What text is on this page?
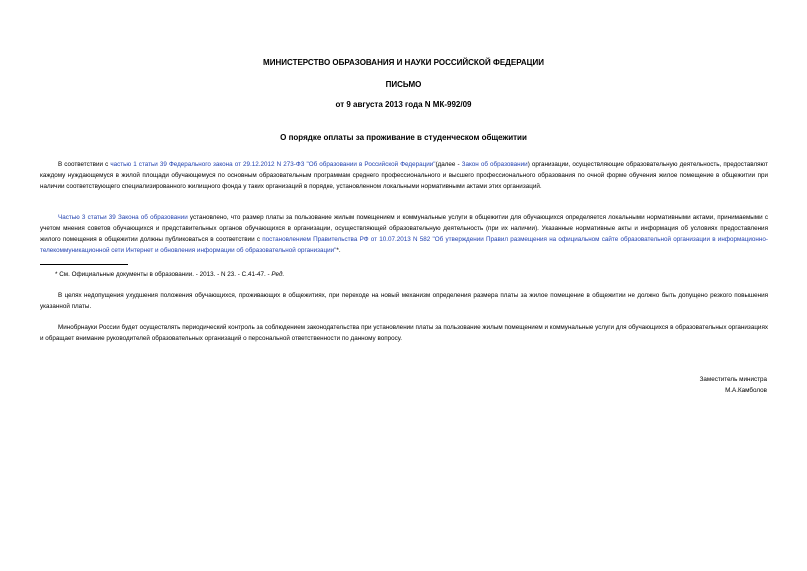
МИНИСТЕРСТВО ОБРАЗОВАНИЯ И НАУКИ РОССИЙСКОЙ ФЕДЕРАЦИИ
ПИСЬМО
от 9 августа 2013 года N МК-992/09
О порядке оплаты за проживание в студенческом общежитии
В соответствии с частью 1 статьи 39 Федерального закона от 29.12.2012 N 273-ФЗ "Об образовании в Российской Федерации"(далее - Закон об образовании) организации, осуществляющие образовательную деятельность, предоставляют каждому нуждающемуся в жилой площади обучающемуся по основным образовательным программам среднего профессионального и высшего профессионального образования по очной форме обучения жилое помещение в общежитии при наличии соответствующего специализированного жилищного фонда у таких организаций в порядке, установленном локальными нормативными актами этих организаций.
Частью 3 статьи 39 Закона об образовании установлено, что размер платы за пользование жилым помещением и коммунальные услуги в общежитии для обучающихся определяется локальными нормативными актами, принимаемыми с учетом мнения советов обучающихся и представительных органов обучающихся в организации, осуществляющей образовательную деятельность (при их наличии). Указанные нормативные акты и информация об условиях предоставления жилого помещения в общежитии должны публиковаться в соответствии с постановлением Правительства РФ от 10.07.2013 N 582 "Об утверждении Правил размещения на официальном сайте образовательной организации в информационно-телекоммуникационной сети Интернет и обновления информации об образовательной организации"*.
* См. Официальные документы в образовании. - 2013. - N 23. - С.41-47. - Ред.
В целях недопущения ухудшения положения обучающихся, проживающих в общежитиях, при переходе на новый механизм определения размера платы за жилое помещение в общежитии не должно быть допущено резкого повышения указанной платы.
Минобрнауки России будет осуществлять периодический контроль за соблюдением законодательства при установлении платы за пользование жилым помещением и коммунальные услуги для обучающихся в образовательных организациях и обращает внимание руководителей образовательных организаций о персональной ответственности по данному вопросу.
Заместитель министра
М.А.Камболов
